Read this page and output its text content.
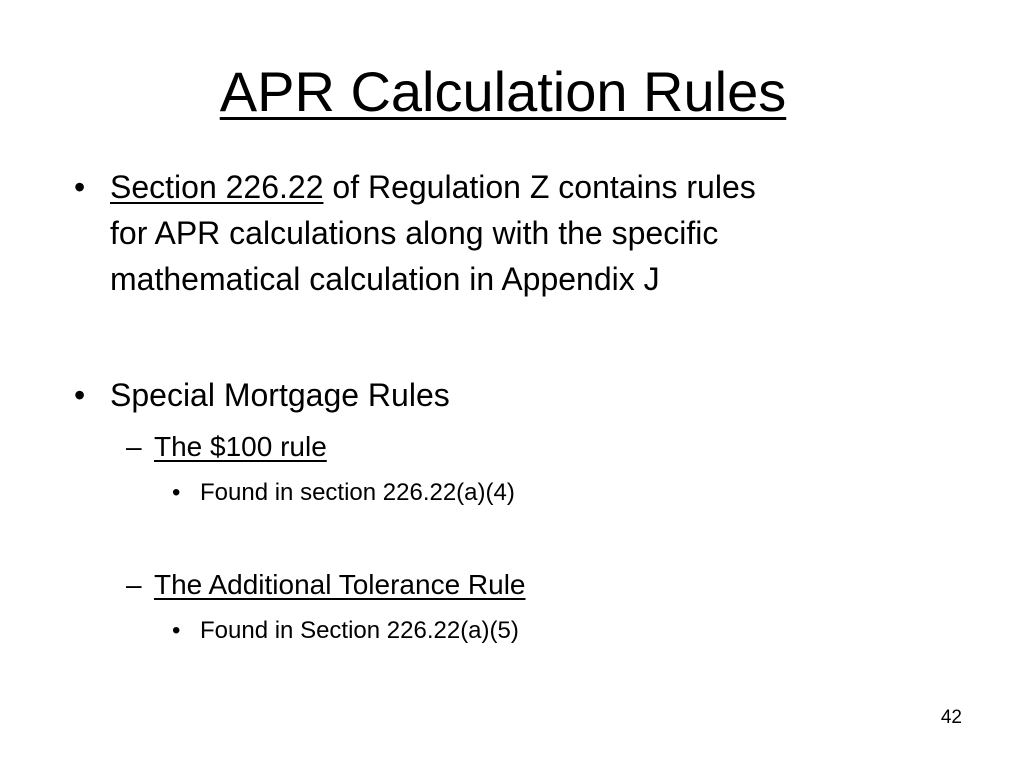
APR Calculation Rules
• Section 226.22 of Regulation Z contains rules
for APR calculations along with the specific
mathematical calculation in Appendix J
• Special Mortgage Rules
– The $100 rule
• Found in section 226.22(a)(4)
– The Additional Tolerance Rule
• Found in Section 226.22(a)(5)
42
